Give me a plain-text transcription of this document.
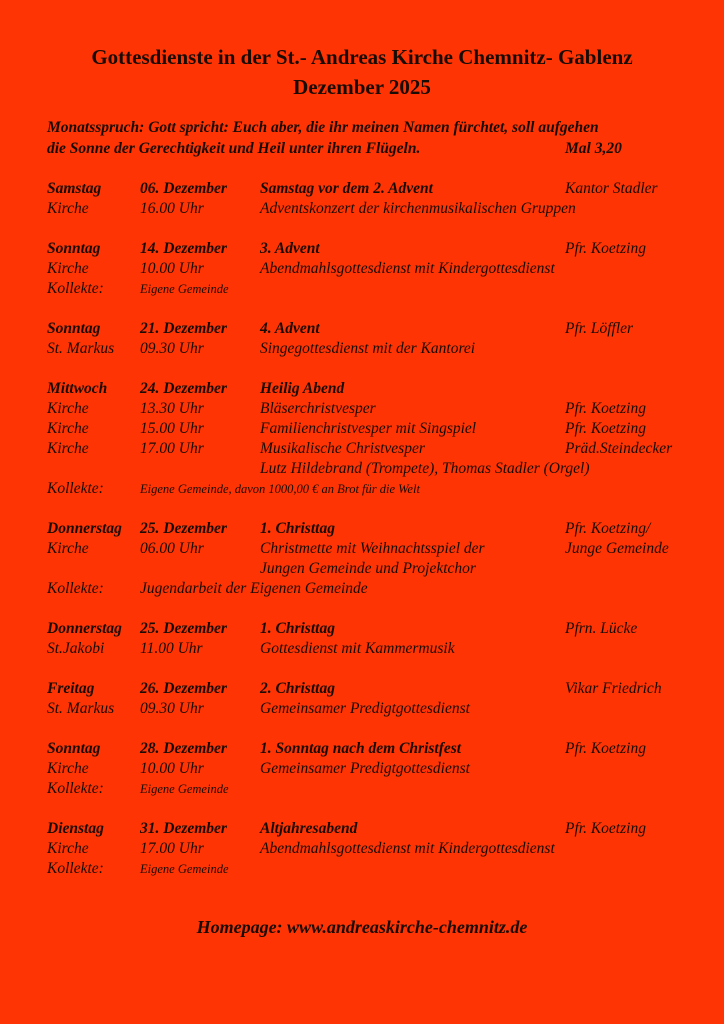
Gottesdienste in der St.- Andreas Kirche Chemnitz- Gablenz
Dezember 2025
Monatsspruch: Gott spricht: Euch aber, die ihr meinen Namen fürchtet, soll aufgehen
die Sonne der Gerechtigkeit und Heil unter ihren Flügeln.	Mal 3,20
Samstag	06. Dezember	Samstag vor dem 2. Advent	Kantor Stadler
Kirche	16.00 Uhr	Adventskonzert der kirchenmusikalischen Gruppen
Sonntag	14. Dezember	3. Advent	Pfr. Koetzing
Kirche	10.00 Uhr	Abendmahlsgottesdienst mit Kindergottesdienst
Kollekte:	Eigene Gemeinde
Sonntag	21. Dezember	4. Advent	Pfr. Löffler
St. Markus	09.30 Uhr	Singegottesdienst mit der Kantorei
Mittwoch	24. Dezember	Heilig Abend
Kirche	13.30 Uhr	Bläserchristvesper	Pfr. Koetzing
Kirche	15.00 Uhr	Familienchristvesper mit Singspiel	Pfr. Koetzing
Kirche	17.00 Uhr	Musikalische Christvesper	Präd.Steindecker
Lutz Hildebrand (Trompete), Thomas Stadler (Orgel)
Kollekte:	Eigene Gemeinde, davon 1000,00 € an Brot für die Welt
Donnerstag	25. Dezember	1. Christtag	Pfr. Koetzing/
Kirche	06.00 Uhr	Christmette mit Weihnachtsspiel der	Junge Gemeinde
Jungen Gemeinde und Projektchor
Kollekte:	Jugendarbeit der Eigenen Gemeinde
Donnerstag	25. Dezember	1. Christtag	Pfrn. Lücke
St.Jakobi	11.00 Uhr	Gottesdienst mit Kammermusik
Freitag	26. Dezember	2. Christtag	Vikar Friedrich
St. Markus	09.30 Uhr	Gemeinsamer Predigtgottesdienst
Sonntag	28. Dezember	1. Sonntag nach dem Christfest	Pfr. Koetzing
Kirche	10.00 Uhr	Gemeinsamer Predigtgottesdienst
Kollekte:	Eigene Gemeinde
Dienstag	31. Dezember	Altjahresabend	Pfr. Koetzing
Kirche	17.00 Uhr	Abendmahlsgottesdienst mit Kindergottesdienst
Kollekte:	Eigene Gemeinde
Homepage: www.andreaskirche-chemnitz.de
